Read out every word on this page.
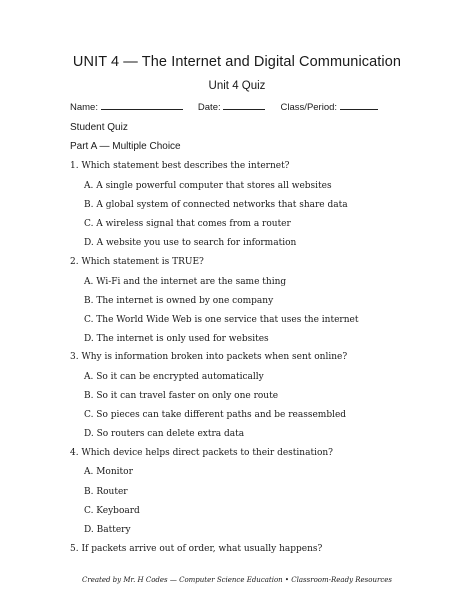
UNIT 4 — The Internet and Digital Communication
Unit 4 Quiz
Name:	Date:	Class/Period:
Student Quiz
Part A — Multiple Choice
1. Which statement best describes the internet?
A. A single powerful computer that stores all websites
B. A global system of connected networks that share data
C. A wireless signal that comes from a router
D. A website you use to search for information
2. Which statement is TRUE?
A. Wi-Fi and the internet are the same thing
B. The internet is owned by one company
C. The World Wide Web is one service that uses the internet
D. The internet is only used for websites
3. Why is information broken into packets when sent online?
A. So it can be encrypted automatically
B. So it can travel faster on only one route
C. So pieces can take different paths and be reassembled
D. So routers can delete extra data
4. Which device helps direct packets to their destination?
A. Monitor
B. Router
C. Keyboard
D. Battery
5. If packets arrive out of order, what usually happens?
Created by Mr. H Codes — Computer Science Education • Classroom-Ready Resources
